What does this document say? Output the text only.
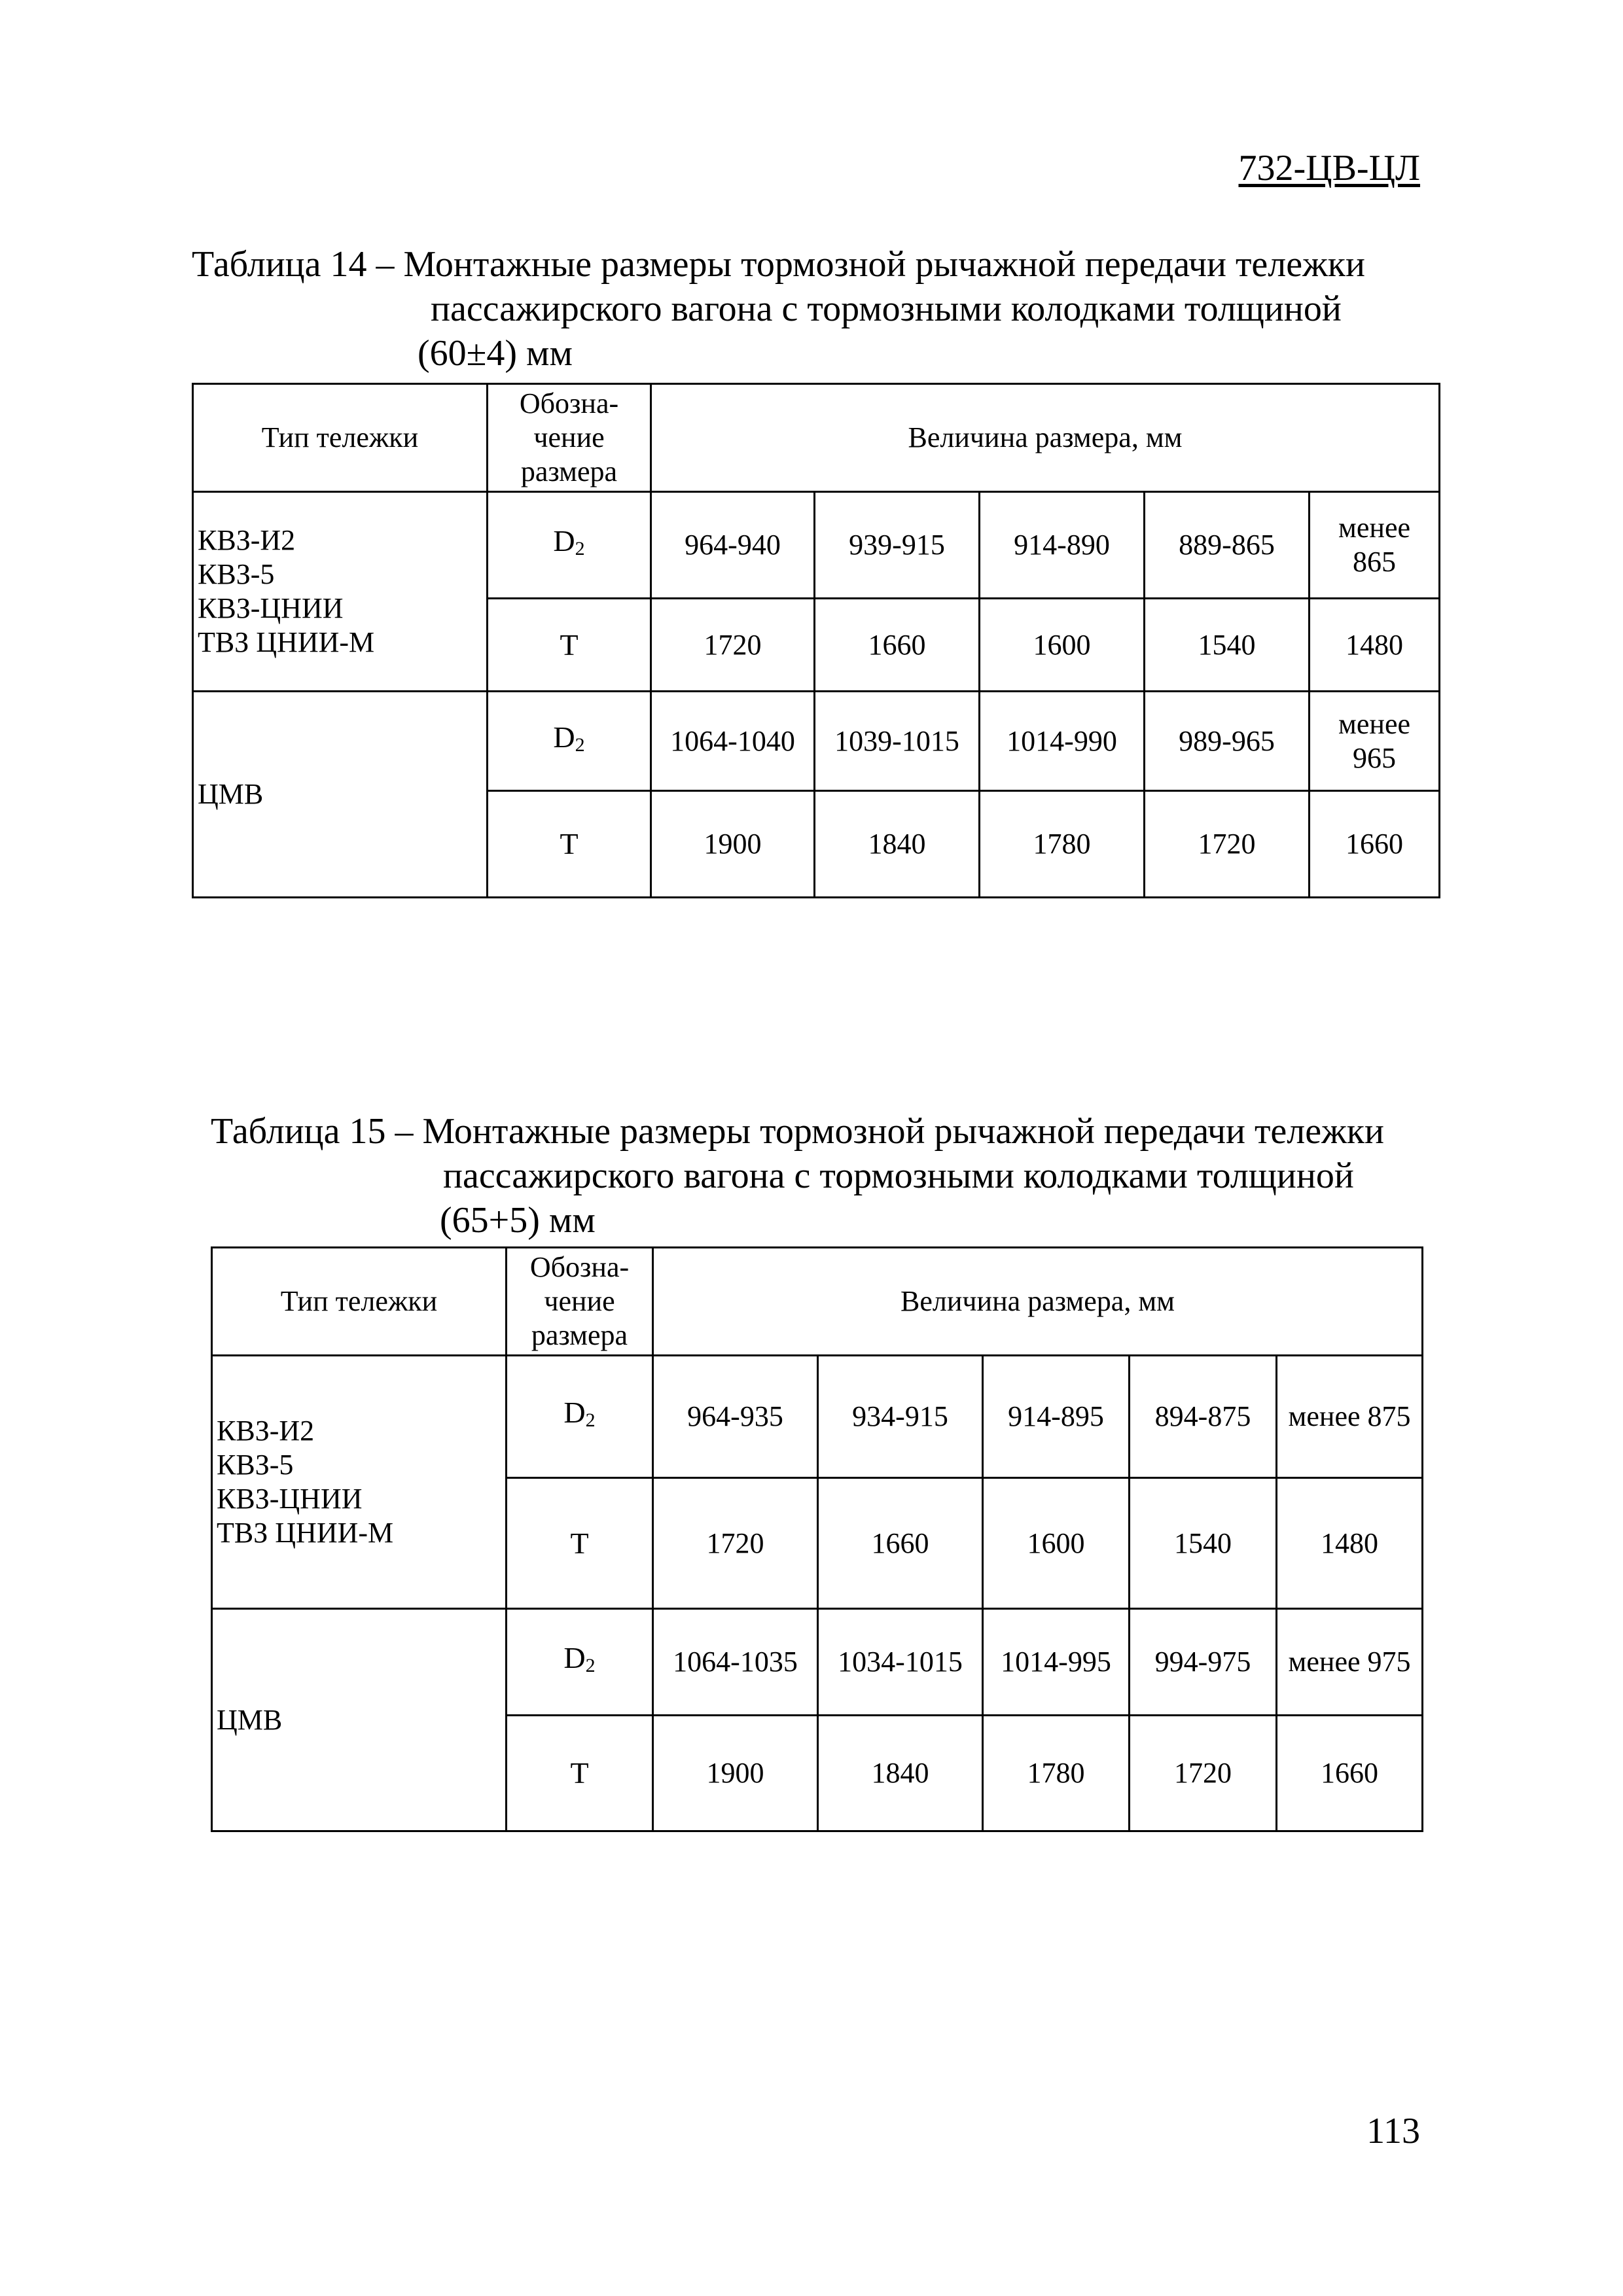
732-ЦВ-ЦЛ
Таблица 14 – Монтажные размеры тормозной рычажной передачи тележки
пассажирского вагона с тормозными колодками толщиной
(60±4) мм
Тип тележки	Обозна-
чение
размера	Величина размера, мм				

КВЗ-И2
КВЗ-5
КВЗ-ЦНИИ
ТВЗ ЦНИИ-М	$D_2$	964-940	939-915	914-890	889-865	менее
865
	T	1720	1660	1600	1540	1480

ЦМВ	$D_2$	1064-1040	1039-1015	1014-990	989-965	менее
965
	T	1900	1840	1780	1720	1660
Таблица 15 – Монтажные размеры тормозной рычажной передачи тележки
пассажирского вагона с тормозными колодками толщиной
(65+5) мм
Тип тележки	Обозна-
чение
размера	Величина размера, мм				

КВЗ-И2
КВЗ-5
КВЗ-ЦНИИ
ТВЗ ЦНИИ-М	$D_2$	964-935	934-915	914-895	894-875	менее 875
	T	1720	1660	1600	1540	1480

ЦМВ	$D_2$	1064-1035	1034-1015	1014-995	994-975	менее 975
	T	1900	1840	1780	1720	1660
113
